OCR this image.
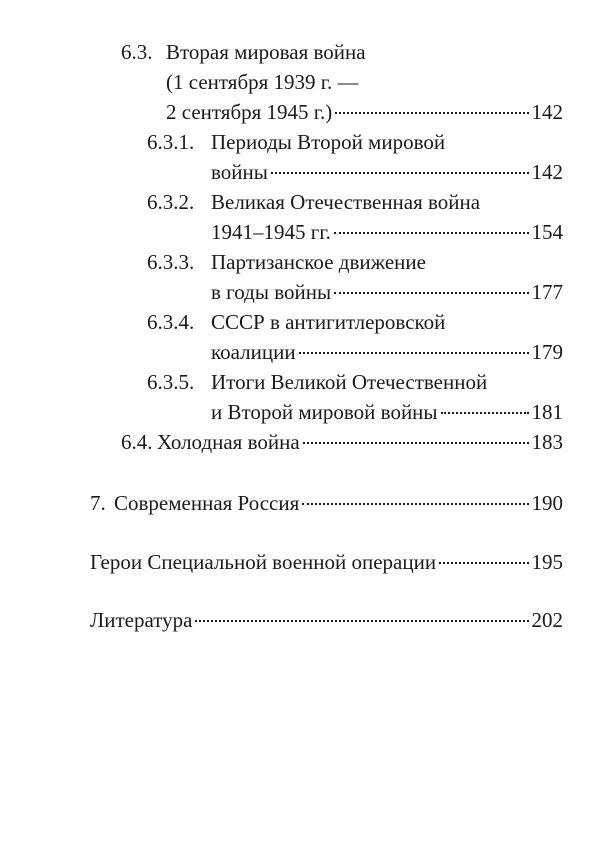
6.3. Вторая мировая война
(1 сентября 1939 г. —
2 сентября 1945 г.)	142
6.3.1. Периоды Второй мировой
войны	142
6.3.2. Великая Отечественная война
1941–1945 гг.	154
6.3.3. Партизанское движение
в годы войны	177
6.3.4. СССР в антигитлеровской
коалиции	179
6.3.5. Итоги Великой Отечественной
и Второй мировой войны	181
6.4. Холодная война	183
7. Современная Россия	190
Герои Специальной военной операции	195
Литература	202
